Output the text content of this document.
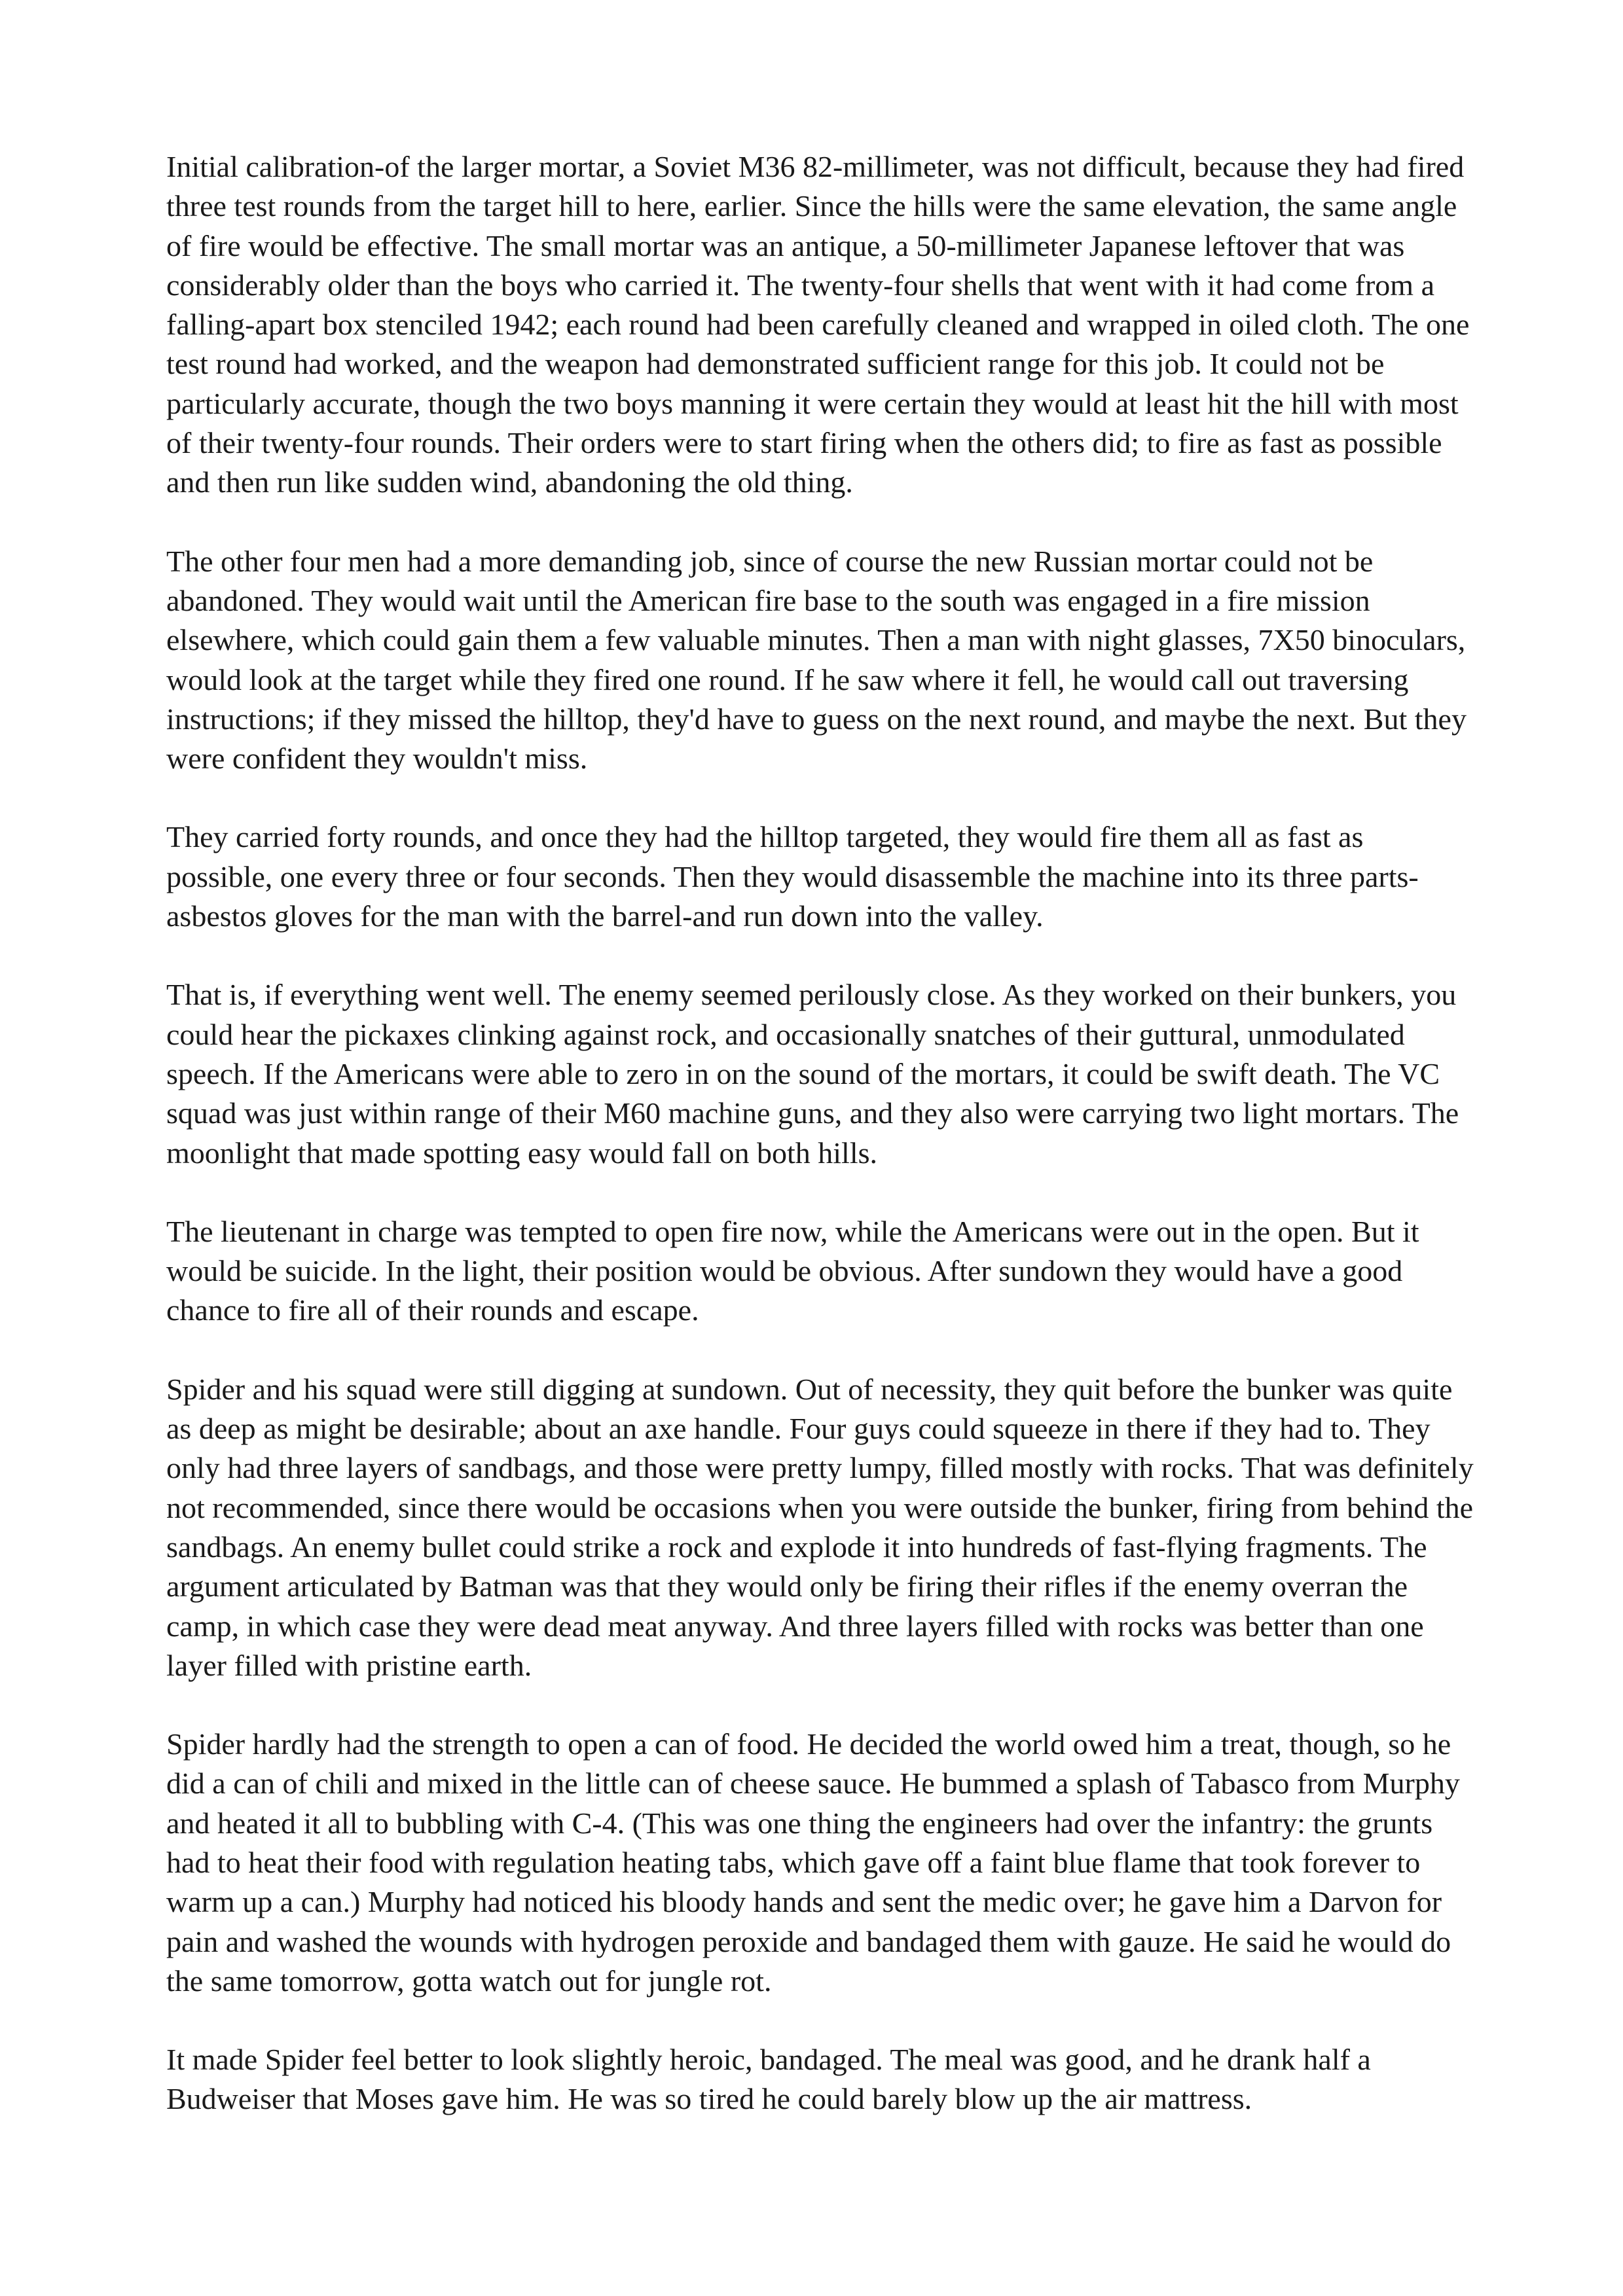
Initial calibration-of the larger mortar, a Soviet M36 82-millimeter, was not difficult, because they had fired three test rounds from the target hill to here, earlier. Since the hills were the same elevation, the same angle of fire would be effective. The small mortar was an antique, a 50-millimeter Japanese leftover that was considerably older than the boys who carried it. The twenty-four shells that went with it had come from a falling-apart box stenciled 1942; each round had been carefully cleaned and wrapped in oiled cloth. The one test round had worked, and the weapon had demonstrated sufficient range for this job. It could not be particularly accurate, though the two boys manning it were certain they would at least hit the hill with most of their twenty-four rounds. Their orders were to start firing when the others did; to fire as fast as possible and then run like sudden wind, abandoning the old thing.

The other four men had a more demanding job, since of course the new Russian mortar could not be abandoned. They would wait until the American fire base to the south was engaged in a fire mission elsewhere, which could gain them a few valuable minutes. Then a man with night glasses, 7X50 binoculars, would look at the target while they fired one round. If he saw where it fell, he would call out traversing instructions; if they missed the hilltop, they'd have to guess on the next round, and maybe the next. But they were confident they wouldn't miss.

They carried forty rounds, and once they had the hilltop targeted, they would fire them all as fast as possible, one every three or four seconds. Then they would disassemble the machine into its three parts-asbestos gloves for the man with the barrel-and run down into the valley.

That is, if everything went well. The enemy seemed perilously close. As they worked on their bunkers, you could hear the pickaxes clinking against rock, and occasionally snatches of their guttural, unmodulated speech. If the Americans were able to zero in on the sound of the mortars, it could be swift death. The VC squad was just within range of their M60 machine guns, and they also were carrying two light mortars. The moonlight that made spotting easy would fall on both hills.

The lieutenant in charge was tempted to open fire now, while the Americans were out in the open. But it would be suicide. In the light, their position would be obvious. After sundown they would have a good chance to fire all of their rounds and escape.

Spider and his squad were still digging at sundown. Out of necessity, they quit before the bunker was quite as deep as might be desirable; about an axe handle. Four guys could squeeze in there if they had to. They only had three layers of sandbags, and those were pretty lumpy, filled mostly with rocks. That was definitely not recommended, since there would be occasions when you were outside the bunker, firing from behind the sandbags. An enemy bullet could strike a rock and explode it into hundreds of fast-flying fragments. The argument articulated by Batman was that they would only be firing their rifles if the enemy overran the camp, in which case they were dead meat anyway. And three layers filled with rocks was better than one layer filled with pristine earth.

Spider hardly had the strength to open a can of food. He decided the world owed him a treat, though, so he did a can of chili and mixed in the little can of cheese sauce. He bummed a splash of Tabasco from Murphy and heated it all to bubbling with C-4. (This was one thing the engineers had over the infantry: the grunts had to heat their food with regulation heating tabs, which gave off a faint blue flame that took forever to warm up a can.) Murphy had noticed his bloody hands and sent the medic over; he gave him a Darvon for pain and washed the wounds with hydrogen peroxide and bandaged them with gauze. He said he would do the same tomorrow, gotta watch out for jungle rot.

It made Spider feel better to look slightly heroic, bandaged. The meal was good, and he drank half a Budweiser that Moses gave him. He was so tired he could barely blow up the air mattress.
